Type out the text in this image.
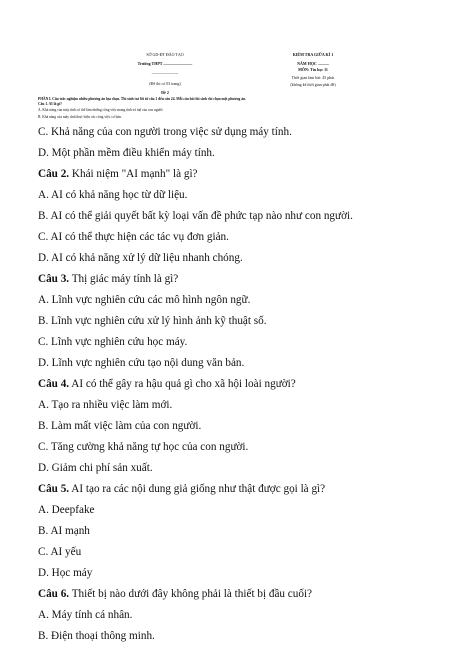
SỞ GD-ĐT ĐÀO TẠO
Trường THPT .............................
--------------------
(Đề thi có 03 trang)
Đề 2
KIỂM TRA GIỮA KÌ 1
NĂM HỌC ...........
MÔN: Tin học 11
Thời gian làm bài: 45 phút
(không kể thời gian phát đề)
PHẦN I. Câu trắc nghiệm nhiều phương án lựa chọn. Thí sinh trả lời từ câu 1 đến câu 24. Mỗi câu hỏi thí sinh chỉ chọn một phương án.
Câu 1. AI là gì?
A. Khả năng của máy tính có thể làm những công việc mang tính trí tuệ của con người.
B. Khả năng của máy tính thực hiện các công việc cơ bản.
C. Khả năng của con người trong việc sử dụng máy tính.
D. Một phần mềm điều khiển máy tính.
Câu 2. Khái niệm "AI mạnh" là gì?
A. AI có khả năng học từ dữ liệu.
B. AI có thể giải quyết bất kỳ loại vấn đề phức tạp nào như con người.
C. AI có thể thực hiện các tác vụ đơn giản.
D. AI có khả năng xử lý dữ liệu nhanh chóng.
Câu 3. Thị giác máy tính là gì?
A. Lĩnh vực nghiên cứu các mô hình ngôn ngữ.
B. Lĩnh vực nghiên cứu xử lý hình ảnh kỹ thuật số.
C. Lĩnh vực nghiên cứu học máy.
D. Lĩnh vực nghiên cứu tạo nội dung văn bản.
Câu 4. AI có thể gây ra hậu quả gì cho xã hội loài người?
A. Tạo ra nhiều việc làm mới.
B. Làm mất việc làm của con người.
C. Tăng cường khả năng tự học của con người.
D. Giảm chi phí sản xuất.
Câu 5. AI tạo ra các nội dung giả giống như thật được gọi là gì?
A. Deepfake
B. AI mạnh
C. AI yếu
D. Học máy
Câu 6. Thiết bị nào dưới đây không phải là thiết bị đầu cuối?
A. Máy tính cá nhân.
B. Điện thoại thông minh.
